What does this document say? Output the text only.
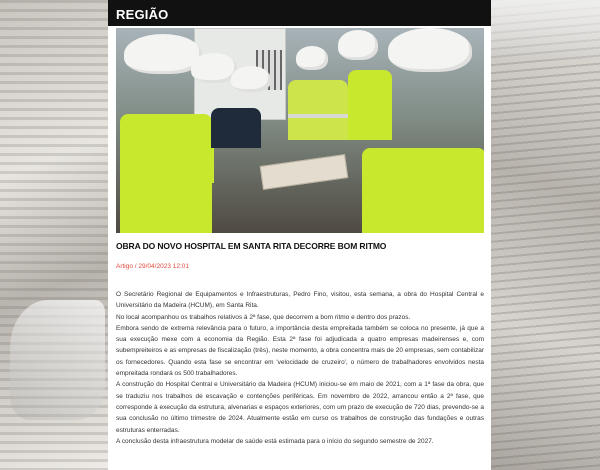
REGIÃO
OBRA DO NOVO HOSPITAL EM SANTA RITA DECORRE BOM RITMO
Artigo / 29/04/2023 12:01

O Secretário Regional de Equipamentos e Infraestruturas, Pedro Fino, visitou, esta semana, a obra do Hospital Central e Universitário da Madeira (HCUM), em Santa Rita.

No local acompanhou os trabalhos relativos à 2ª fase, que decorrem a bom ritmo e dentro dos prazos.

Embora sendo de extrema relevância para o futuro, a importância desta empreitada também se coloca no presente, já que a sua execução mexe com a economia da Região. Esta 2ª fase foi adjudicada a quatro empresas madeirenses e, com subempreiteiros e as empresas de fiscalização (três), neste momento, a obra concentra mais de 20 empresas, sem contabilizar os fornecedores. Quando esta fase se encontrar em 'velocidade de cruzeiro', o número de trabalhadores envolvidos nesta empreitada rondará os 500 trabalhadores.

A construção do Hospital Central e Universitário da Madeira (HCUM) iniciou-se em maio de 2021, com a 1ª fase da obra, que se traduziu nos trabalhos de escavação e contenções periféricas. Em novembro de 2022, arrancou então a 2ª fase, que corresponde à execução da estrutura, alvenarias e espaços exteriores, com um prazo de execução de 720 dias, prevendo-se a sua conclusão no último trimestre de 2024. Atualmente estão em curso os trabalhos de construção das fundações e outras estruturas enterradas.

A conclusão desta infraestrutura modelar de saúde está estimada para o início do segundo semestre de 2027.
